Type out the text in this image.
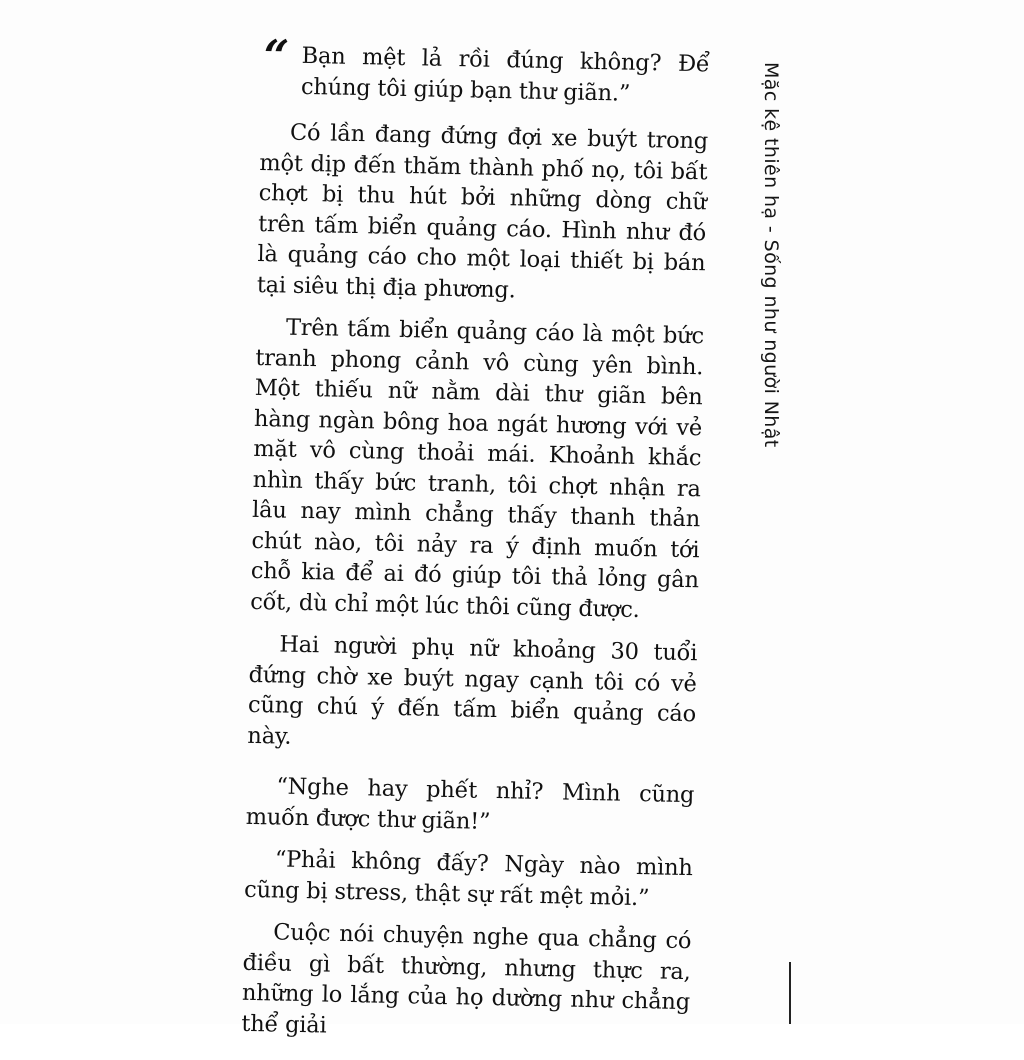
“ Bạn mệt lả rồi đúng không? Để chúng tôi giúp bạn thư giãn.”

Có lần đang đứng đợi xe buýt trong một dịp đến thăm thành phố nọ, tôi bất chợt bị thu hút bởi những dòng chữ trên tấm biển quảng cáo. Hình như đó là quảng cáo cho một loại thiết bị bán tại siêu thị địa phương.

Trên tấm biển quảng cáo là một bức tranh phong cảnh vô cùng yên bình. Một thiếu nữ nằm dài thư giãn bên hàng ngàn bông hoa ngát hương với vẻ mặt vô cùng thoải mái. Khoảnh khắc nhìn thấy bức tranh, tôi chợt nhận ra lâu nay mình chẳng thấy thanh thản chút nào, tôi nảy ra ý định muốn tới chỗ kia để ai đó giúp tôi thả lỏng gân cốt, dù chỉ một lúc thôi cũng được.

Hai người phụ nữ khoảng 30 tuổi đứng chờ xe buýt ngay cạnh tôi có vẻ cũng chú ý đến tấm biển quảng cáo này.

“Nghe hay phết nhỉ? Mình cũng muốn được thư giãn!”

“Phải không đấy? Ngày nào mình cũng bị stress, thật sự rất mệt mỏi.”

Cuộc nói chuyện nghe qua chẳng có điều gì bất thường, nhưng thực ra, những lo lắng của họ dường như chẳng thể giải

Mặc kệ thiên hạ - Sống như người Nhật
